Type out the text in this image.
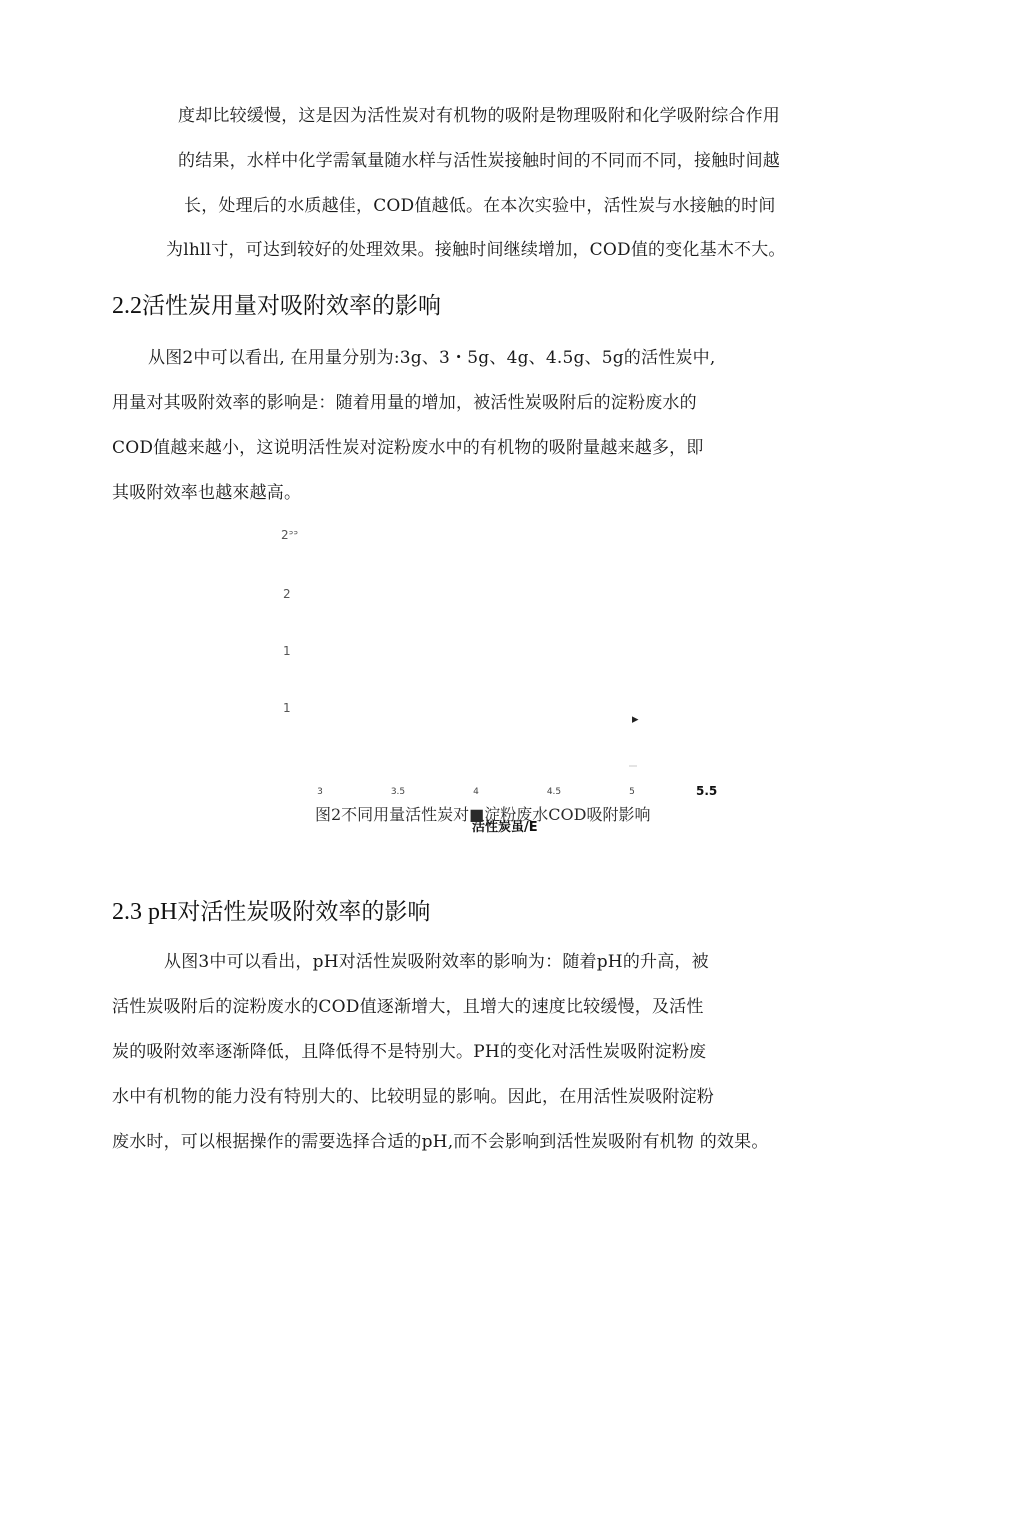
度却比较缓慢，这是因为活性炭对有机物的吸附是物理吸附和化学吸附综合作用
的结果，水样中化学需氧量随水样与活性炭接触时间的不同而不同，接触时间越
长，处理后的水质越佳，COD值越低。在本次实验中，活性炭与水接触的时间
为lhll寸，可达到较好的处理效果。接触时间继续增加，COD值的变化基木不大。
2.2活性炭用量对吸附效率的影响
从图2中可以看出, 在用量分别为:3g、3・5g、4g、4.5g、5g的活性炭中,
用量对其吸附效率的影响是：随着用量的增加，被活性炭吸附后的淀粉废水的
COD值越来越小，这说明活性炭对淀粉废水中的有机物的吸附量越来越多，即
其吸附效率也越來越高。
2ᐣᐣ
2
1
1
▸
3	3.5	4	4.5	5	5.5
活性炭虽/E
图2不同用量活性炭对■淀粉废水COD吸附影响
2.3 pH对活性炭吸附效率的影响
从图3中可以看出，pH对活性炭吸附效率的影响为：随着pH的升高，被
活性炭吸附后的淀粉废水的COD值逐渐增大，且增大的速度比较缓慢，及活性
炭的吸附效率逐渐降低，且降低得不是特别大。PH的变化对活性炭吸附淀粉废
水中有机物的能力没有特別大的、比较明显的影响。因此，在用活性炭吸附淀粉
废水时，可以根据操作的需要选择合适的pH,而不会影响到活性炭吸附有机物 的效果。
